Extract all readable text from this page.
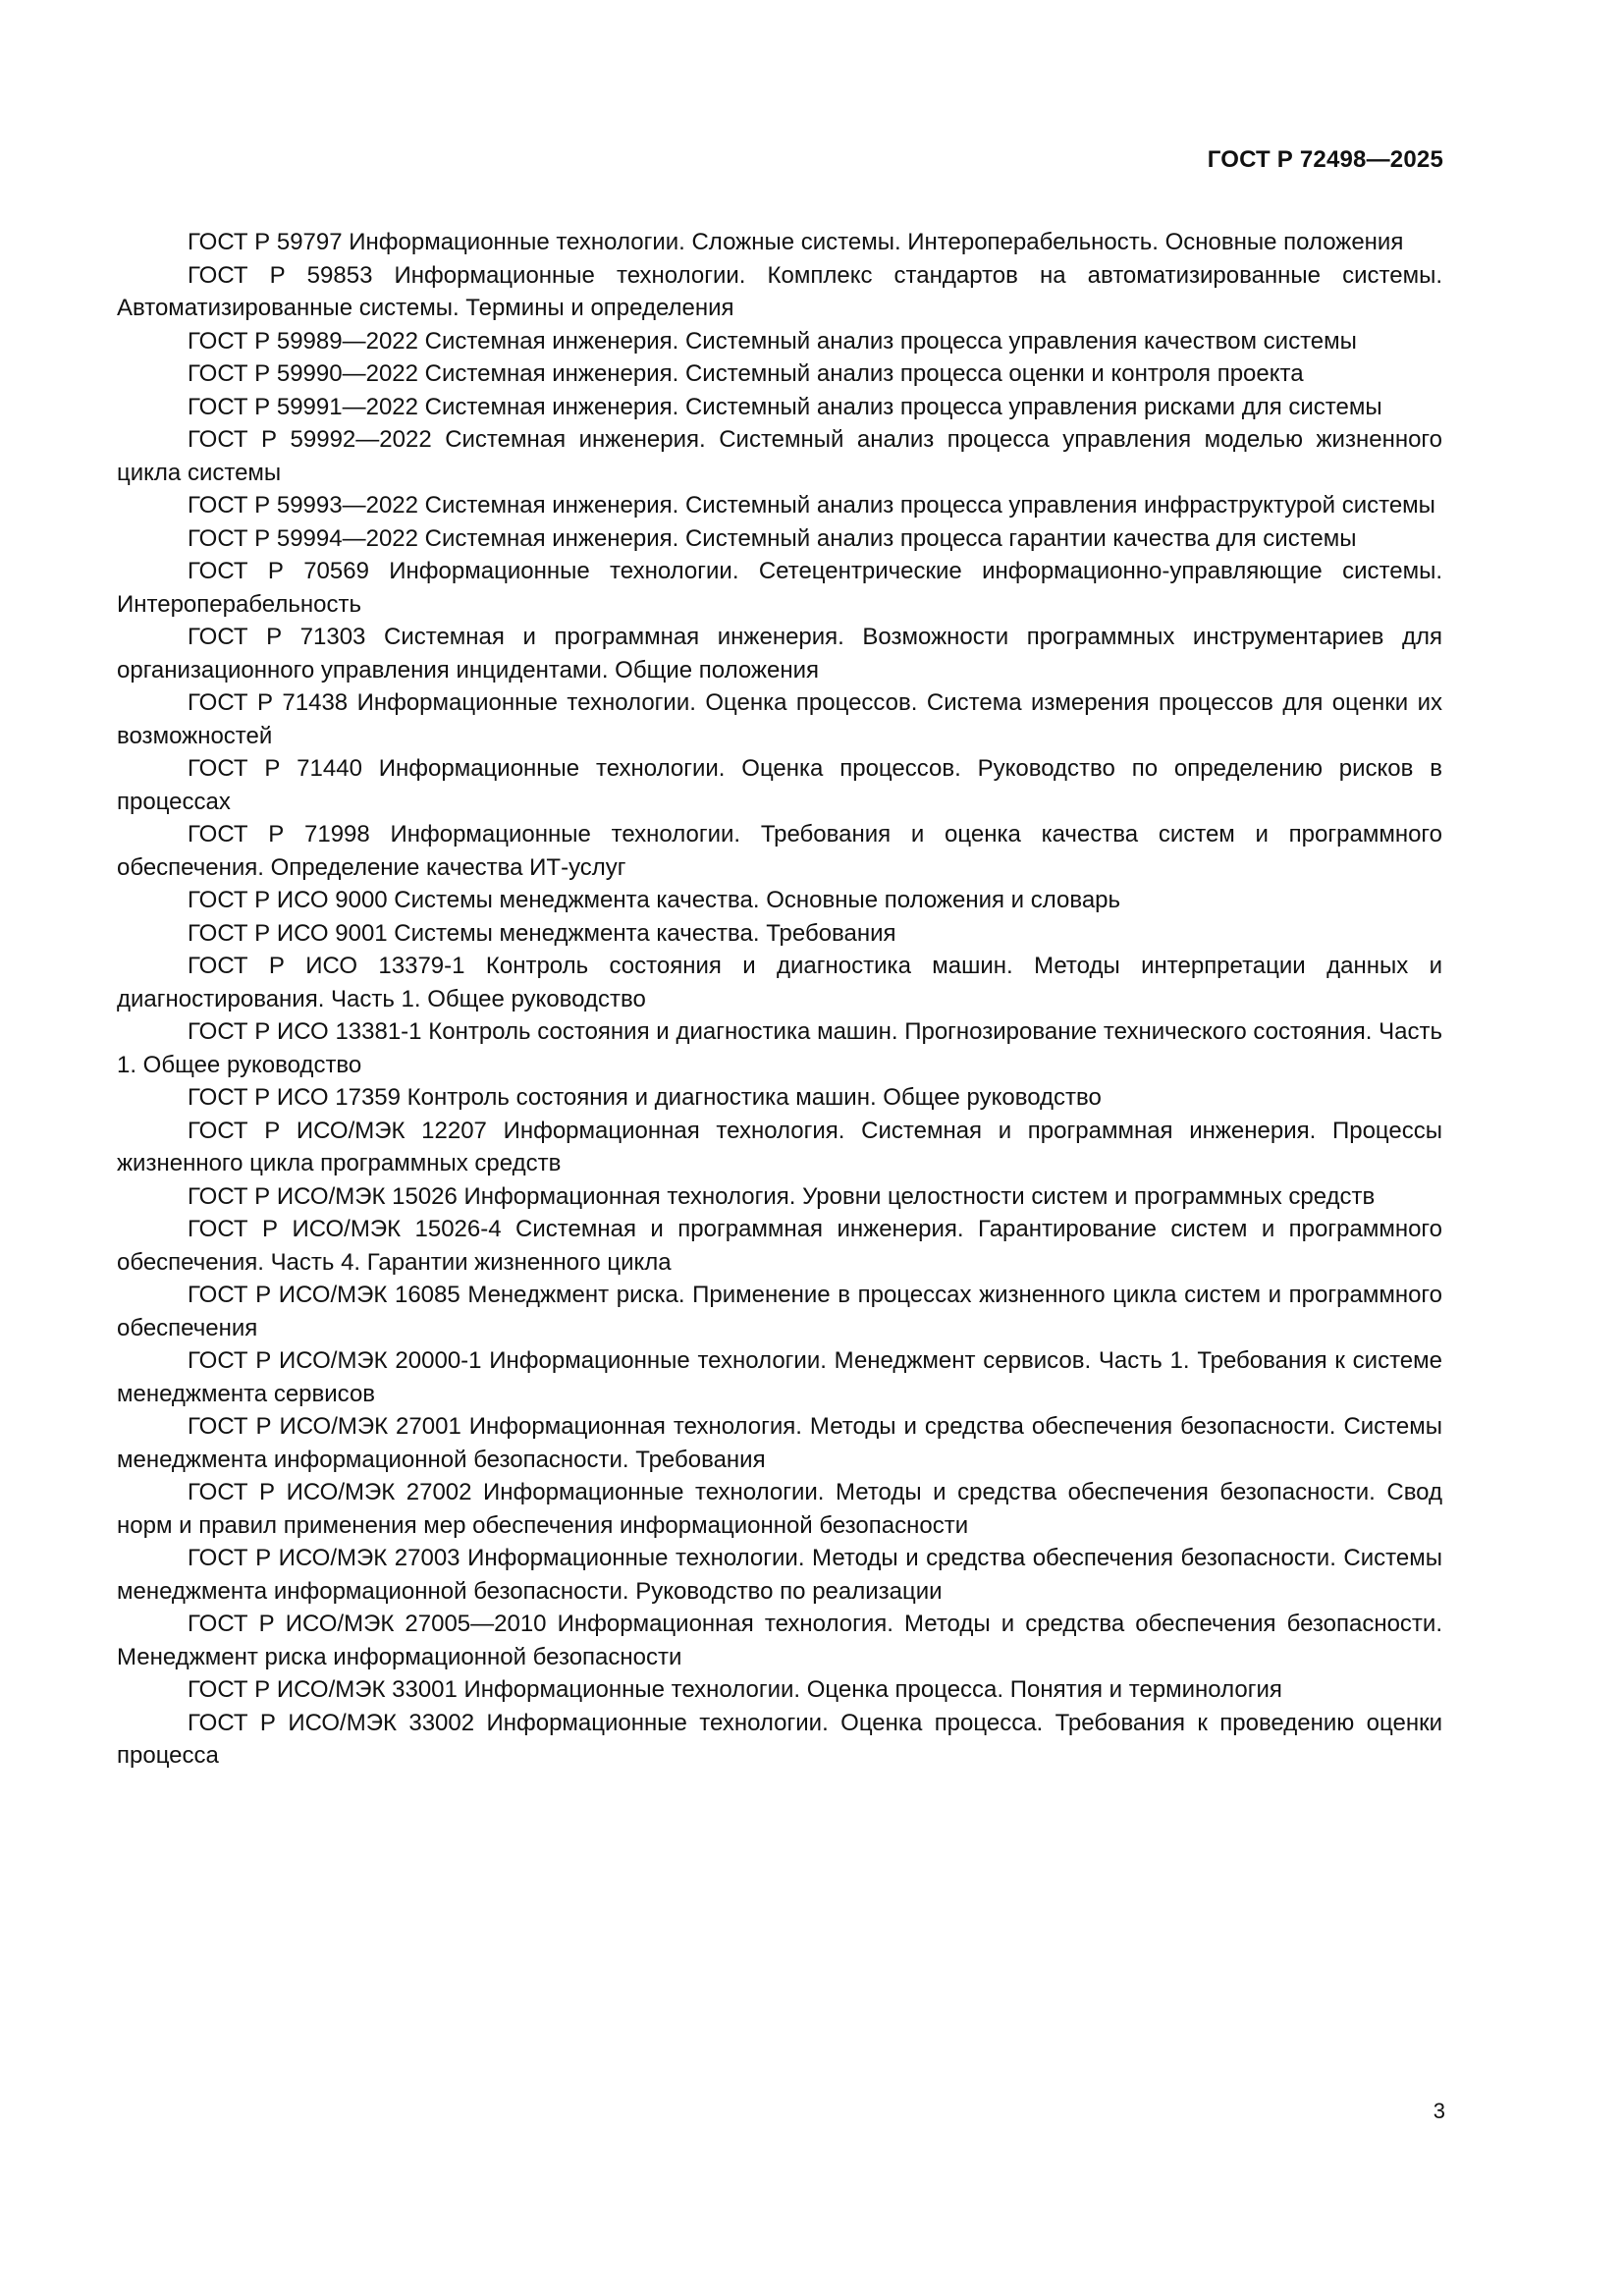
ГОСТ Р 72498—2025

ГОСТ Р 59797 Информационные технологии. Сложные системы. Интероперабельность. Основные положения

ГОСТ Р 59853 Информационные технологии. Комплекс стандартов на автоматизированные системы. Автоматизированные системы. Термины и определения

ГОСТ Р 59989—2022 Системная инженерия. Системный анализ процесса управления качеством системы

ГОСТ Р 59990—2022 Системная инженерия. Системный анализ процесса оценки и контроля проекта

ГОСТ Р 59991—2022 Системная инженерия. Системный анализ процесса управления рисками для системы

ГОСТ Р 59992—2022 Системная инженерия. Системный анализ процесса управления моделью жизненного цикла системы

ГОСТ Р 59993—2022 Системная инженерия. Системный анализ процесса управления инфраструктурой системы

ГОСТ Р 59994—2022 Системная инженерия. Системный анализ процесса гарантии качества для системы

ГОСТ Р 70569 Информационные технологии. Сетецентрические информационно-управляющие системы. Интероперабельность

ГОСТ Р 71303 Системная и программная инженерия. Возможности программных инструментариев для организационного управления инцидентами. Общие положения

ГОСТ Р 71438 Информационные технологии. Оценка процессов. Система измерения процессов для оценки их возможностей

ГОСТ Р 71440 Информационные технологии. Оценка процессов. Руководство по определению рисков в процессах

ГОСТ Р 71998 Информационные технологии. Требования и оценка качества систем и программного обеспечения. Определение качества ИТ-услуг

ГОСТ Р ИСО 9000 Системы менеджмента качества. Основные положения и словарь

ГОСТ Р ИСО 9001 Системы менеджмента качества. Требования

ГОСТ Р ИСО 13379-1 Контроль состояния и диагностика машин. Методы интерпретации данных и диагностирования. Часть 1. Общее руководство

ГОСТ Р ИСО 13381-1 Контроль состояния и диагностика машин. Прогнозирование технического состояния. Часть 1. Общее руководство

ГОСТ Р ИСО 17359 Контроль состояния и диагностика машин. Общее руководство

ГОСТ Р ИСО/МЭК 12207 Информационная технология. Системная и программная инженерия. Процессы жизненного цикла программных средств

ГОСТ Р ИСО/МЭК 15026 Информационная технология. Уровни целостности систем и программных средств

ГОСТ Р ИСО/МЭК 15026-4 Системная и программная инженерия. Гарантирование систем и программного обеспечения. Часть 4. Гарантии жизненного цикла

ГОСТ Р ИСО/МЭК 16085 Менеджмент риска. Применение в процессах жизненного цикла систем и программного обеспечения

ГОСТ Р ИСО/МЭК 20000-1 Информационные технологии. Менеджмент сервисов. Часть 1. Требования к системе менеджмента сервисов

ГОСТ Р ИСО/МЭК 27001 Информационная технология. Методы и средства обеспечения безопасности. Системы менеджмента информационной безопасности. Требования

ГОСТ Р ИСО/МЭК 27002 Информационные технологии. Методы и средства обеспечения безопасности. Свод норм и правил применения мер обеспечения информационной безопасности

ГОСТ Р ИСО/МЭК 27003 Информационные технологии. Методы и средства обеспечения безопасности. Системы менеджмента информационной безопасности. Руководство по реализации

ГОСТ Р ИСО/МЭК 27005—2010 Информационная технология. Методы и средства обеспечения безопасности. Менеджмент риска информационной безопасности

ГОСТ Р ИСО/МЭК 33001 Информационные технологии. Оценка процесса. Понятия и терминология

ГОСТ Р ИСО/МЭК 33002 Информационные технологии. Оценка процесса. Требования к проведению оценки процесса

3
